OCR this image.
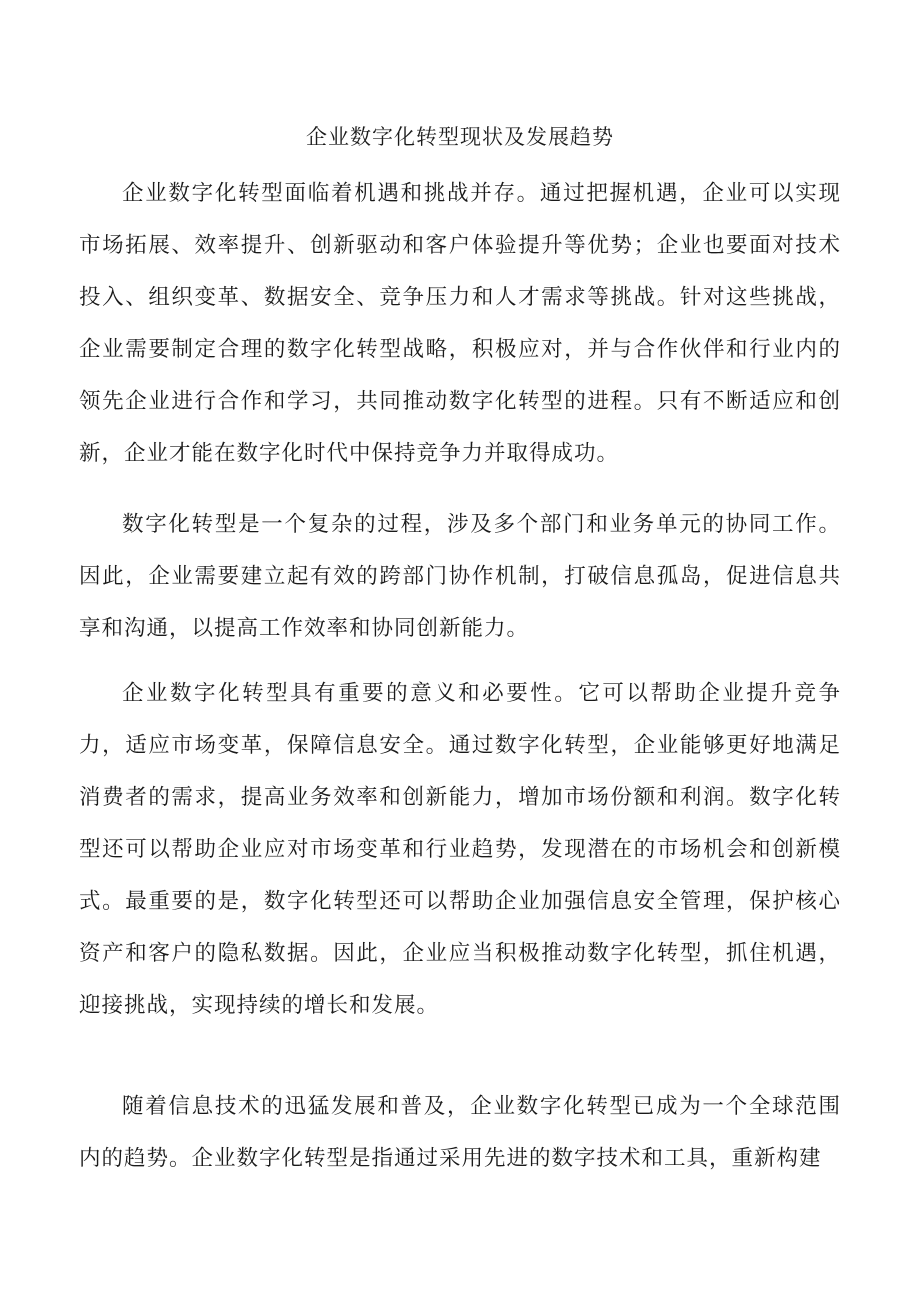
企业数字化转型现状及发展趋势

企业数字化转型面临着机遇和挑战并存。通过把握机遇，企业可以实现市场拓展、效率提升、创新驱动和客户体验提升等优势；企业也要面对技术投入、组织变革、数据安全、竞争压力和人才需求等挑战。针对这些挑战，企业需要制定合理的数字化转型战略，积极应对，并与合作伙伴和行业内的领先企业进行合作和学习，共同推动数字化转型的进程。只有不断适应和创新，企业才能在数字化时代中保持竞争力并取得成功。

数字化转型是一个复杂的过程，涉及多个部门和业务单元的协同工作。因此，企业需要建立起有效的跨部门协作机制，打破信息孤岛，促进信息共享和沟通，以提高工作效率和协同创新能力。

企业数字化转型具有重要的意义和必要性。它可以帮助企业提升竞争力，适应市场变革，保障信息安全。通过数字化转型，企业能够更好地满足消费者的需求，提高业务效率和创新能力，增加市场份额和利润。数字化转型还可以帮助企业应对市场变革和行业趋势，发现潜在的市场机会和创新模式。最重要的是，数字化转型还可以帮助企业加强信息安全管理，保护核心资产和客户的隐私数据。因此，企业应当积极推动数字化转型，抓住机遇，迎接挑战，实现持续的增长和发展。

随着信息技术的迅猛发展和普及，企业数字化转型已成为一个全球范围内的趋势。企业数字化转型是指通过采用先进的数字技术和工具，重新构建
